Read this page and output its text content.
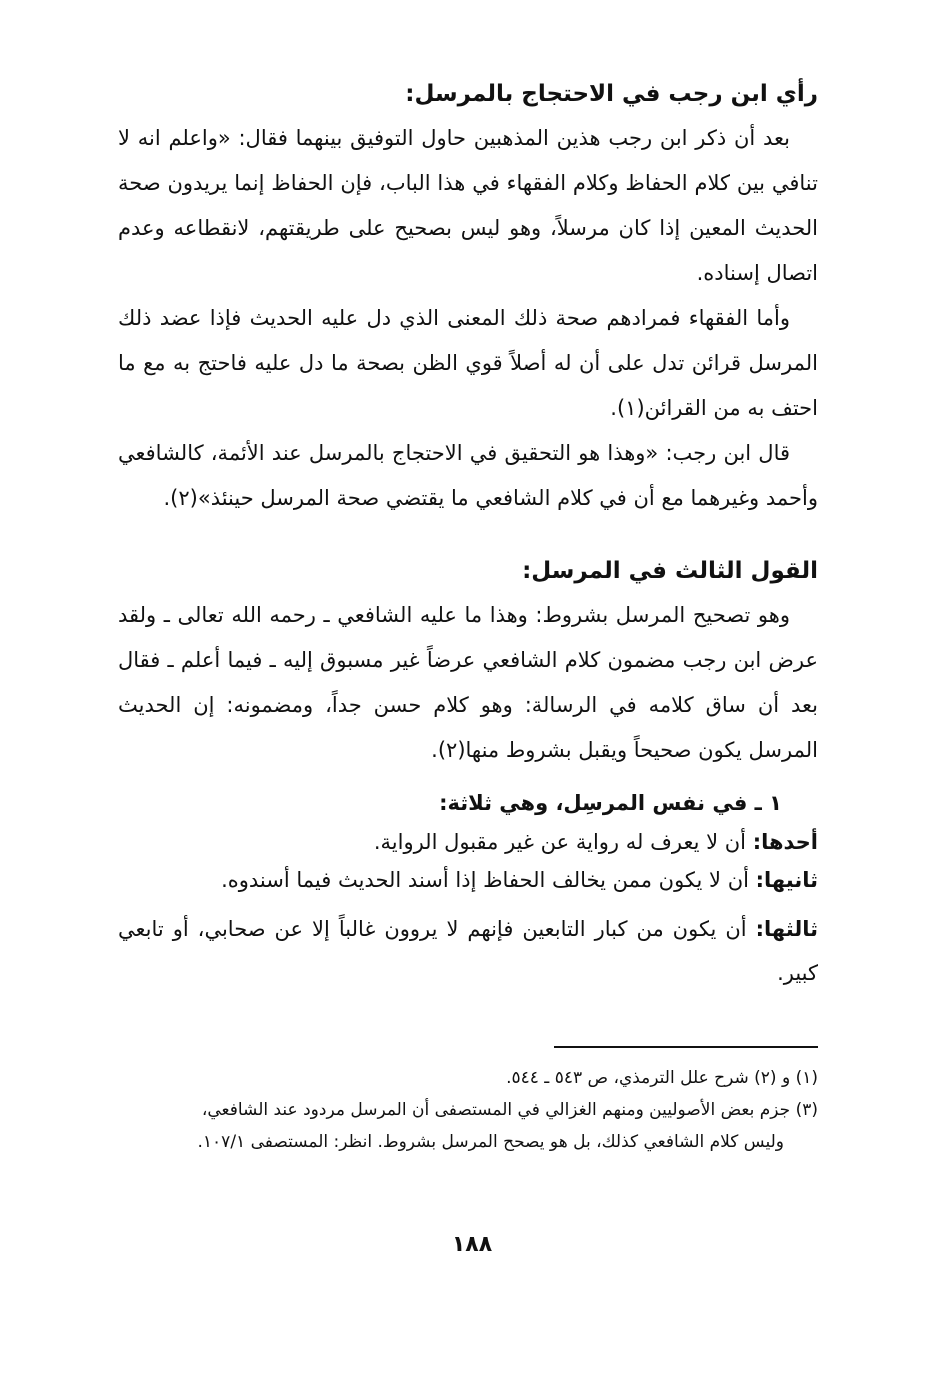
رأي ابن رجب في الاحتجاج بالمرسل:

بعد أن ذكر ابن رجب هذين المذهبين حاول التوفيق بينهما فقال: «واعلم انه لا تنافي بين كلام الحفاظ وكلام الفقهاء في هذا الباب، فإن الحفاظ إنما يريدون صحة الحديث المعين إذا كان مرسلاً، وهو ليس بصحيح على طريقتهم، لانقطاعه وعدم اتصال إسناده.

وأما الفقهاء فمرادهم صحة ذلك المعنى الذي دل عليه الحديث فإذا عضد ذلك المرسل قرائن تدل على أن له أصلاً قوي الظن بصحة ما دل عليه فاحتج به مع ما احتف به من القرائن(١).

قال ابن رجب: «وهذا هو التحقيق في الاحتجاج بالمرسل عند الأئمة، كالشافعي وأحمد وغيرهما مع أن في كلام الشافعي ما يقتضي صحة المرسل حينئذ»(٢).

القول الثالث في المرسل:

وهو تصحيح المرسل بشروط: وهذا ما عليه الشافعي ـ رحمه الله تعالى ـ ولقد عرض ابن رجب مضمون كلام الشافعي عرضاً غير مسبوق إليه ـ فيما أعلم ـ فقال بعد أن ساق كلامه في الرسالة: وهو كلام حسن جداً، ومضمونه: إن الحديث المرسل يكون صحيحاً ويقبل بشروط منها(٢).

١ ـ في نفس المرسِل، وهي ثلاثة:

أحدها: أن لا يعرف له رواية عن غير مقبول الرواية.

ثانيها: أن لا يكون ممن يخالف الحفاظ إذا أسند الحديث فيما أسندوه.

ثالثها: أن يكون من كبار التابعين فإنهم لا يروون غالباً إلا عن صحابي، أو تابعي كبير.

(١) و (٢) شرح علل الترمذي، ص ٥٤٣ ـ ٥٤٤.

(٣) جزم بعض الأصوليين ومنهم الغزالي في المستصفى أن المرسل مردود عند الشافعي،

وليس كلام الشافعي كذلك، بل هو يصحح المرسل بشروط. انظر: المستصفى ١٠٧/١.

١٨٨
